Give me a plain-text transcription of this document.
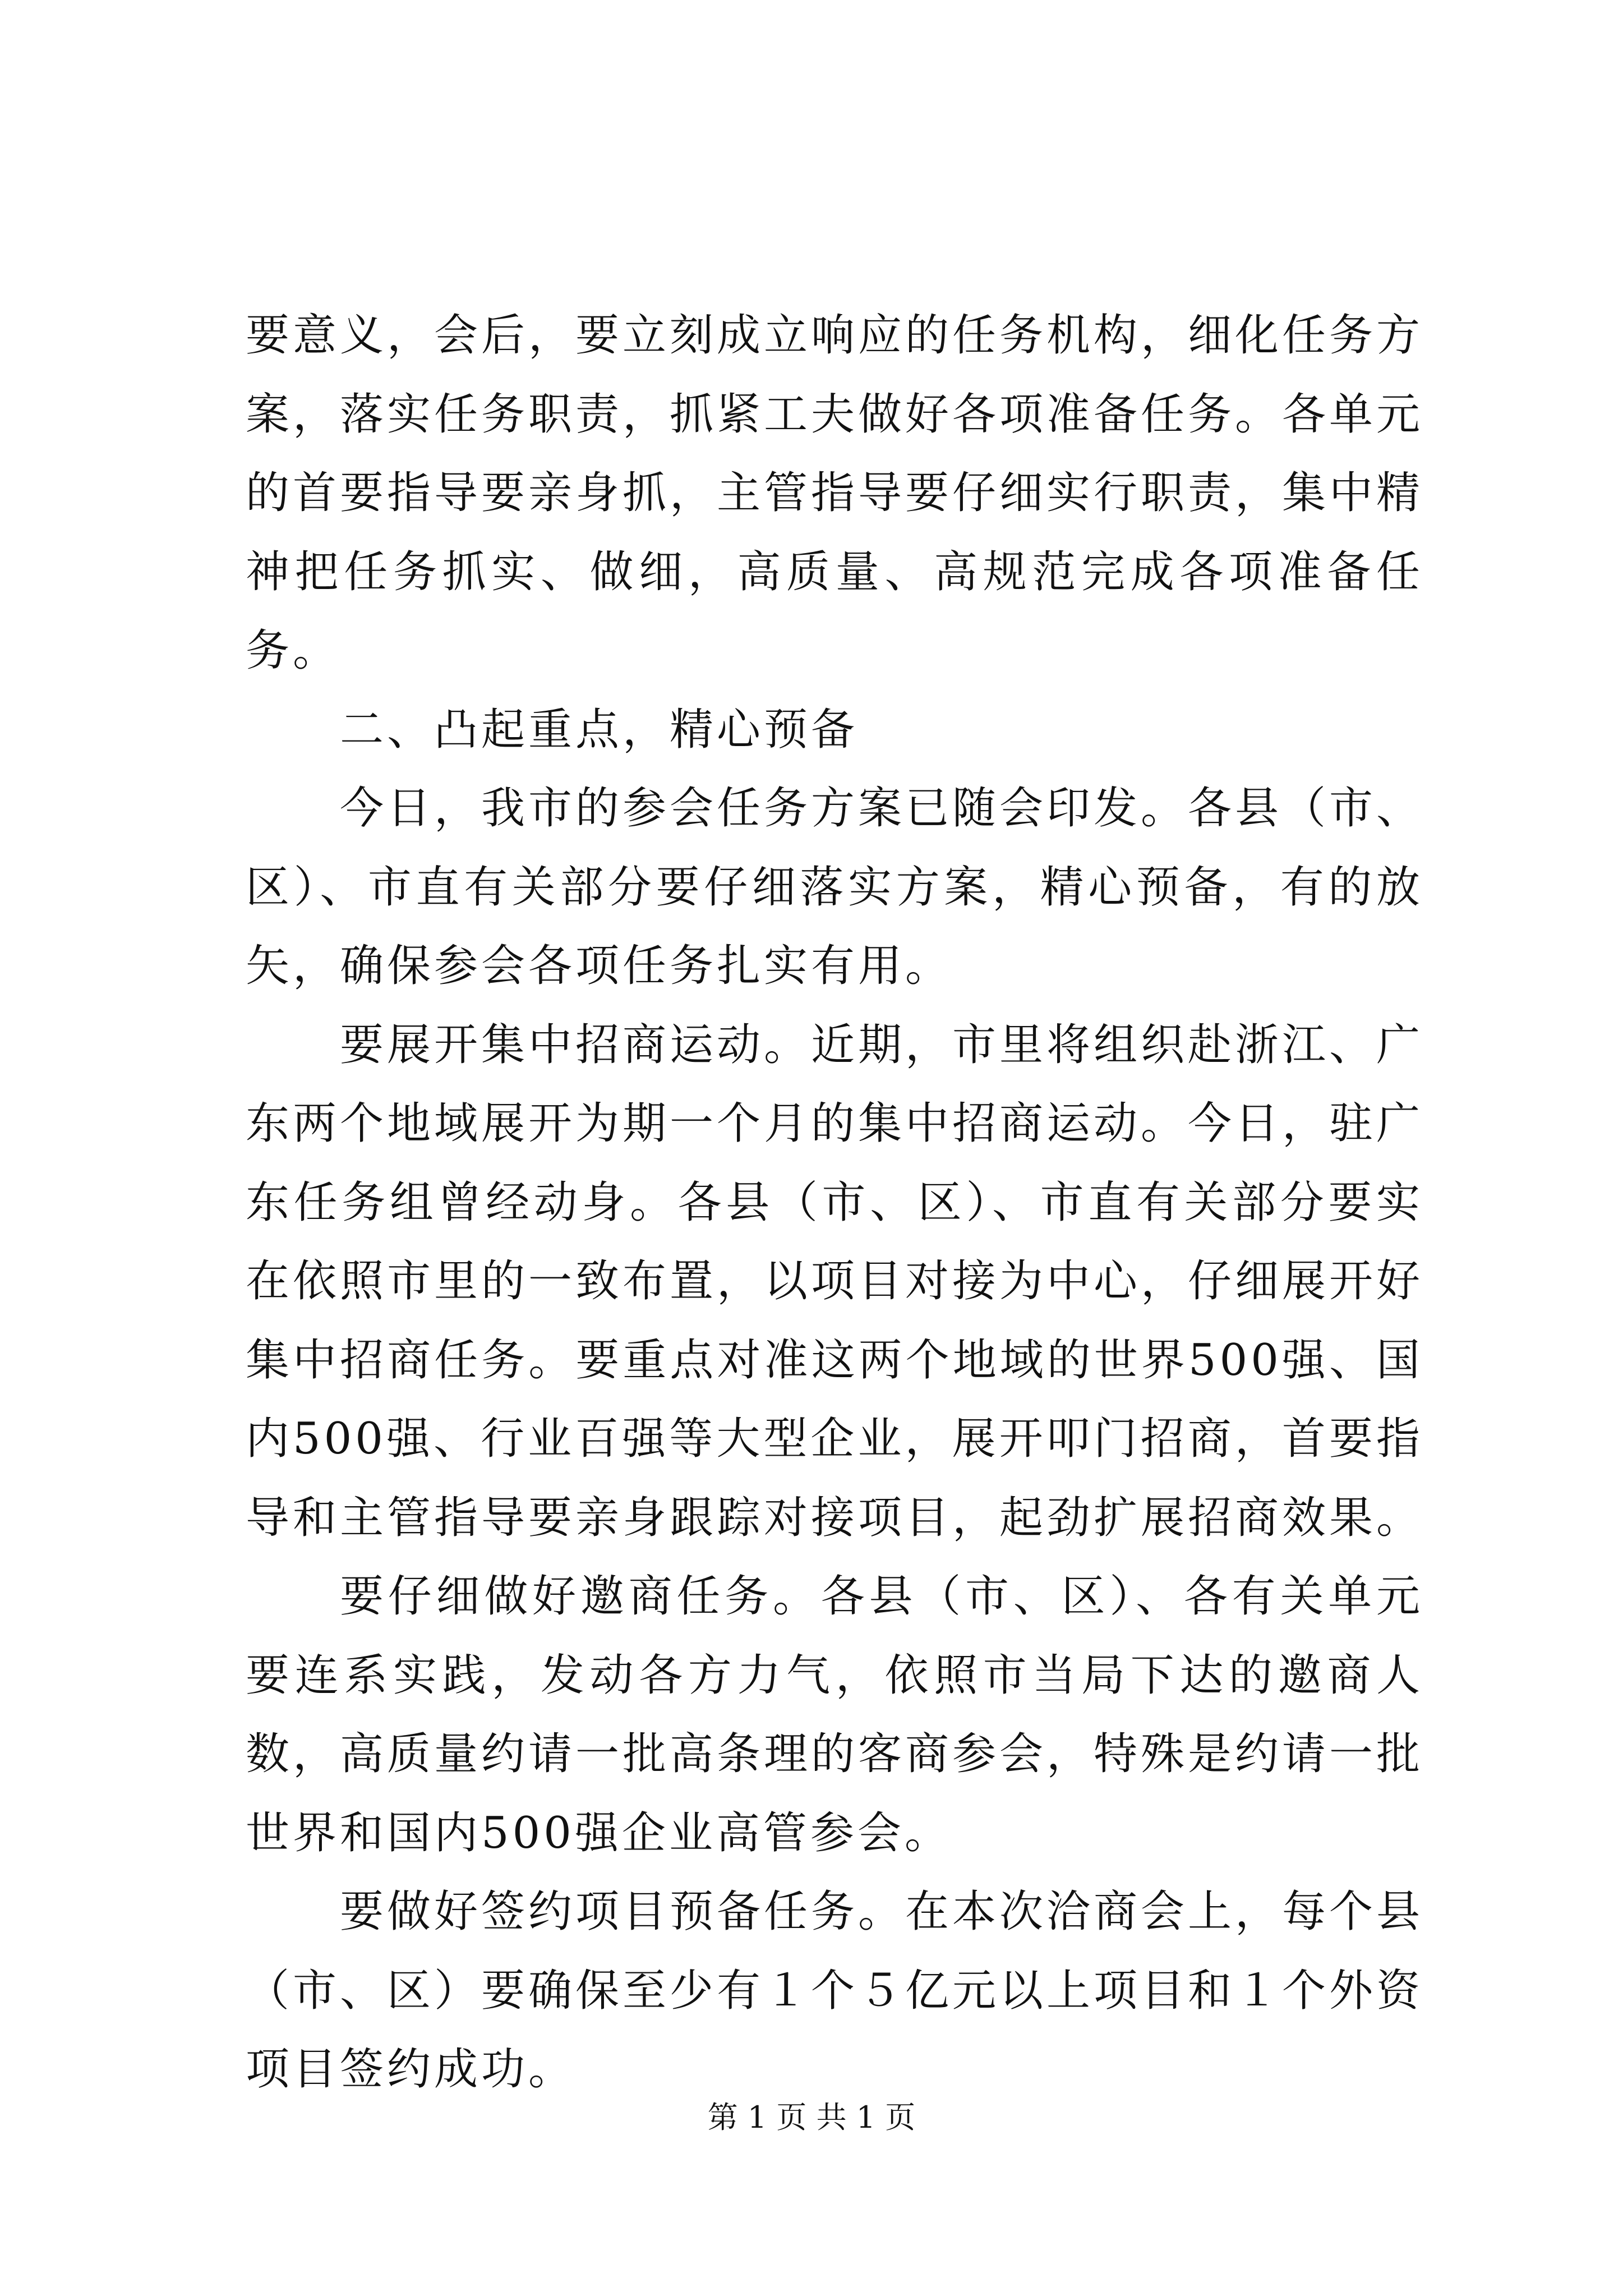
要意义，会后，要立刻成立响应的任务机构，细化任务方案，落实任务职责，抓紧工夫做好各项准备任务。各单元的首要指导要亲身抓，主管指导要仔细实行职责，集中精神把任务抓实、做细，高质量、高规范完成各项准备任务。

二、凸起重点，精心预备

今日，我市的参会任务方案已随会印发。各县（市、区）、市直有关部分要仔细落实方案，精心预备，有的放矢，确保参会各项任务扎实有用。

要展开集中招商运动。近期，市里将组织赴浙江、广东两个地域展开为期一个月的集中招商运动。今日，驻广东任务组曾经动身。各县（市、区）、市直有关部分要实在依照市里的一致布置，以项目对接为中心，仔细展开好集中招商任务。要重点对准这两个地域的世界500强、国内500强、行业百强等大型企业，展开叩门招商，首要指导和主管指导要亲身跟踪对接项目，起劲扩展招商效果。

要仔细做好邀商任务。各县（市、区）、各有关单元要连系实践，发动各方力气，依照市当局下达的邀商人数，高质量约请一批高条理的客商参会，特殊是约请一批世界和国内500强企业高管参会。

要做好签约项目预备任务。在本次洽商会上，每个县（市、区）要确保至少有１个５亿元以上项目和１个外资项目签约成功。

第 1 页 共 1 页
